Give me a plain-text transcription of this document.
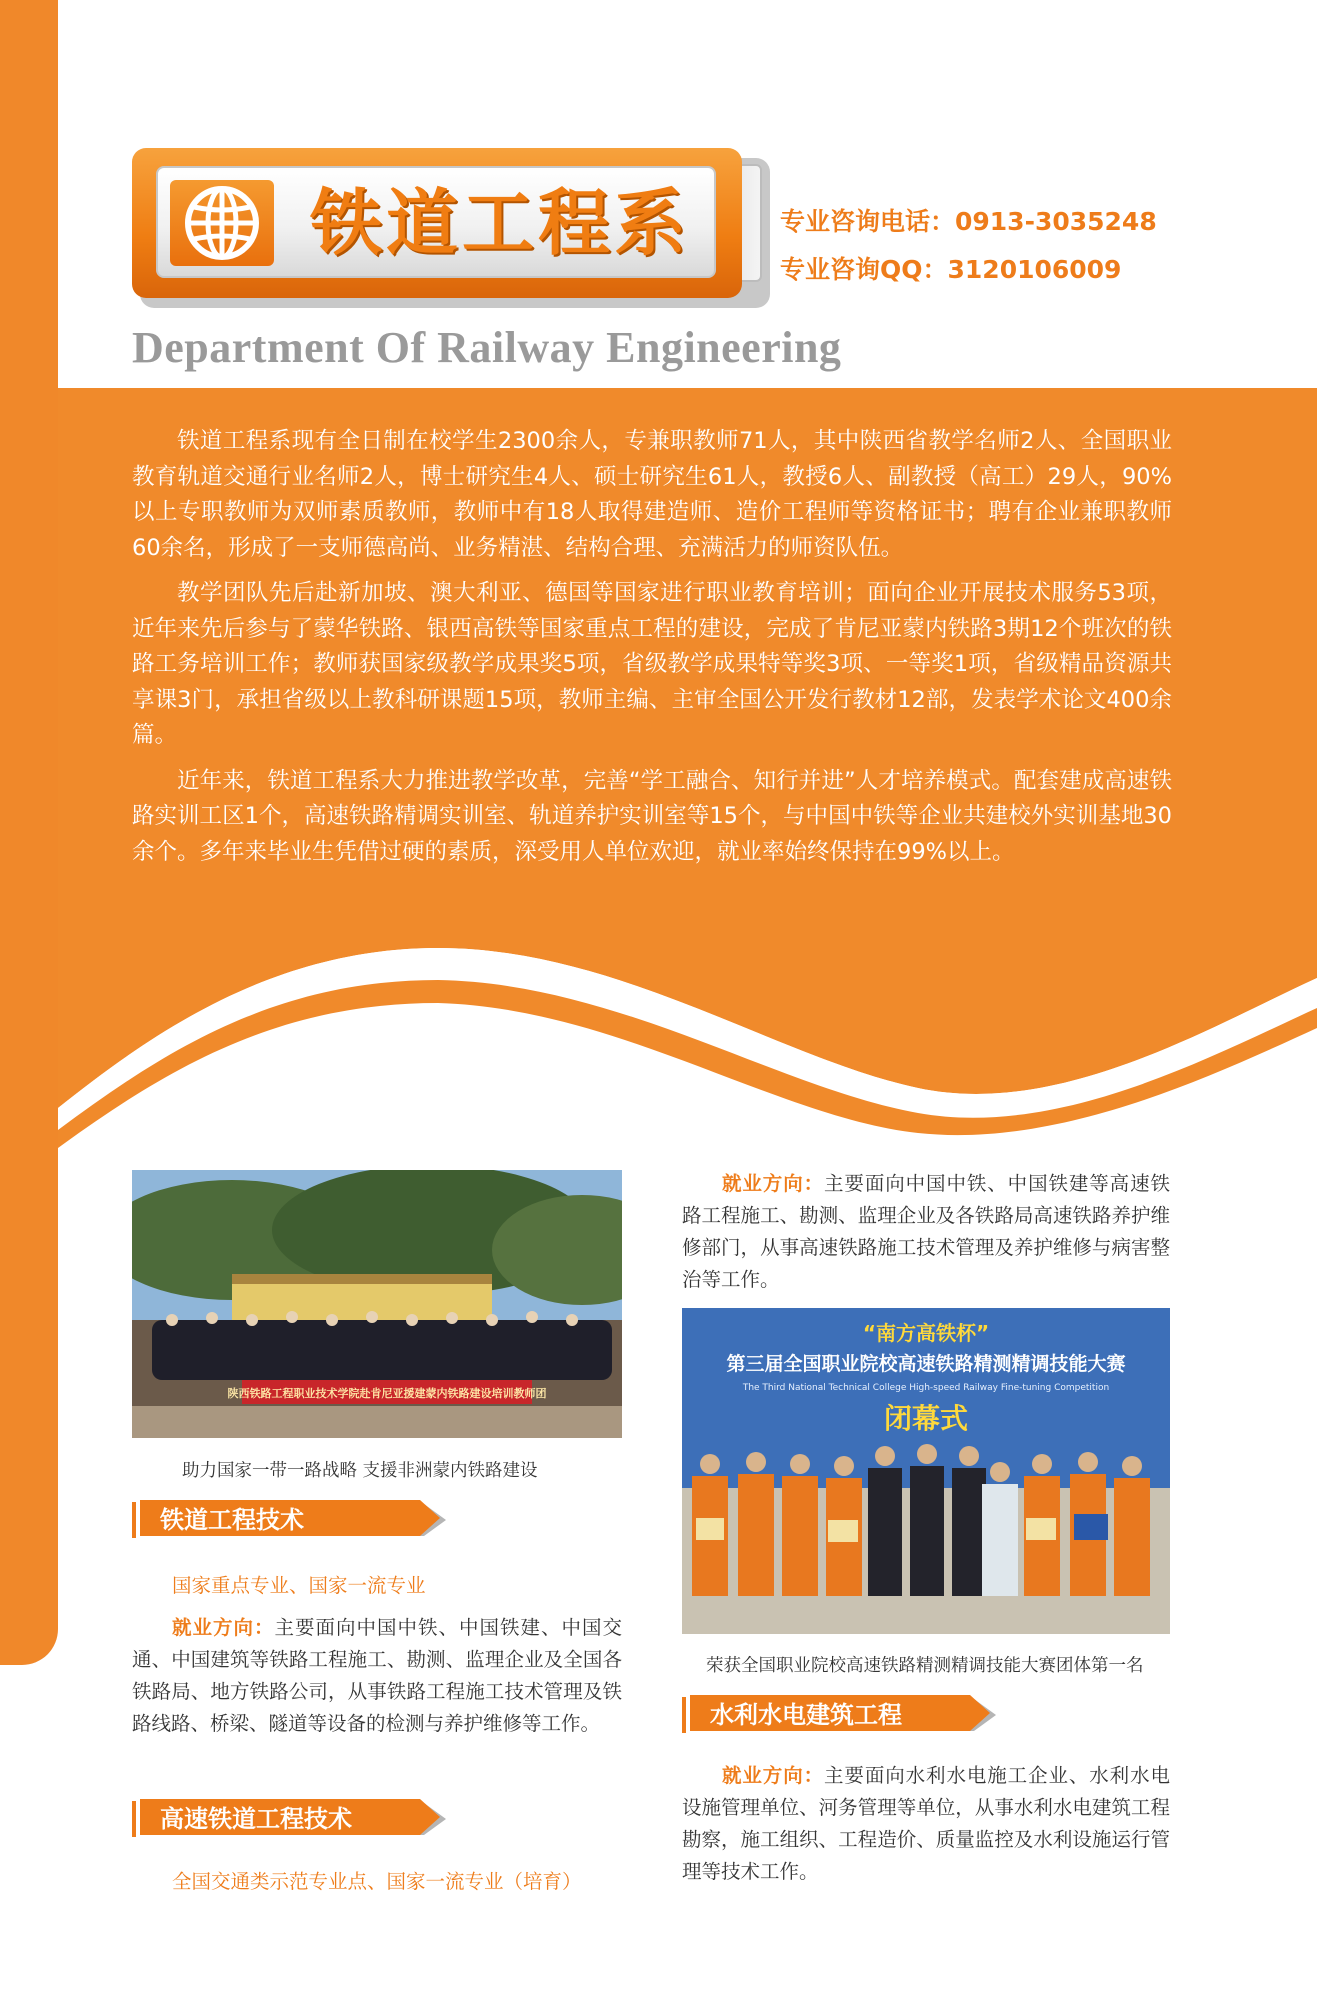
铁道工程系	专业咨询电话：0913-3035248
专业咨询QQ：3120106009
Department Of Railway Engineering

铁道工程系现有全日制在校学生2300余人，专兼职教师71人，其中陕西省教学名师2人、全国职业教育轨道交通行业名师2人，博士研究生4人、硕士研究生61人，教授6人、副教授（高工）29人，90%以上专职教师为双师素质教师，教师中有18人取得建造师、造价工程师等资格证书；聘有企业兼职教师60余名，形成了一支师德高尚、业务精湛、结构合理、充满活力的师资队伍。

教学团队先后赴新加坡、澳大利亚、德国等国家进行职业教育培训；面向企业开展技术服务53项，近年来先后参与了蒙华铁路、银西高铁等国家重点工程的建设，完成了肯尼亚蒙内铁路3期12个班次的铁路工务培训工作；教师获国家级教学成果奖5项，省级教学成果特等奖3项、一等奖1项，省级精品资源共享课3门，承担省级以上教科研课题15项，教师主编、主审全国公开发行教材12部，发表学术论文400余篇。

近年来，铁道工程系大力推进教学改革，完善“学工融合、知行并进”人才培养模式。配套建成高速铁路实训工区1个，高速铁路精调实训室、轨道养护实训室等15个，与中国中铁等企业共建校外实训基地30余个。多年来毕业生凭借过硬的素质，深受用人单位欢迎，就业率始终保持在99%以上。

陕西铁路工程职业技术学院赴肯尼亚援建蒙内铁路建设培训教师团
助力国家一带一路战略 支援非洲蒙内铁路建设
铁道工程技术
国家重点专业、国家一流专业
就业方向：主要面向中国中铁、中国铁建、中国交通、中国建筑等铁路工程施工、勘测、监理企业及全国各铁路局、地方铁路公司，从事铁路工程施工技术管理及铁路线路、桥梁、隧道等设备的检测与养护维修等工作。
高速铁道工程技术
全国交通类示范专业点、国家一流专业（培育）
就业方向：主要面向中国中铁、中国铁建等高速铁路工程施工、勘测、监理企业及各铁路局高速铁路养护维修部门，从事高速铁路施工技术管理及养护维修与病害整治等工作。
“南方高铁杯”
第三届全国职业院校高速铁路精测精调技能大赛
The Third National Technical College High-speed Railway Fine-tuning Competition
闭幕式
荣获全国职业院校高速铁路精测精调技能大赛团体第一名
水利水电建筑工程
就业方向：主要面向水利水电施工企业、水利水电设施管理单位、河务管理等单位，从事水利水电建筑工程勘察，施工组织、工程造价、质量监控及水利设施运行管理等技术工作。
